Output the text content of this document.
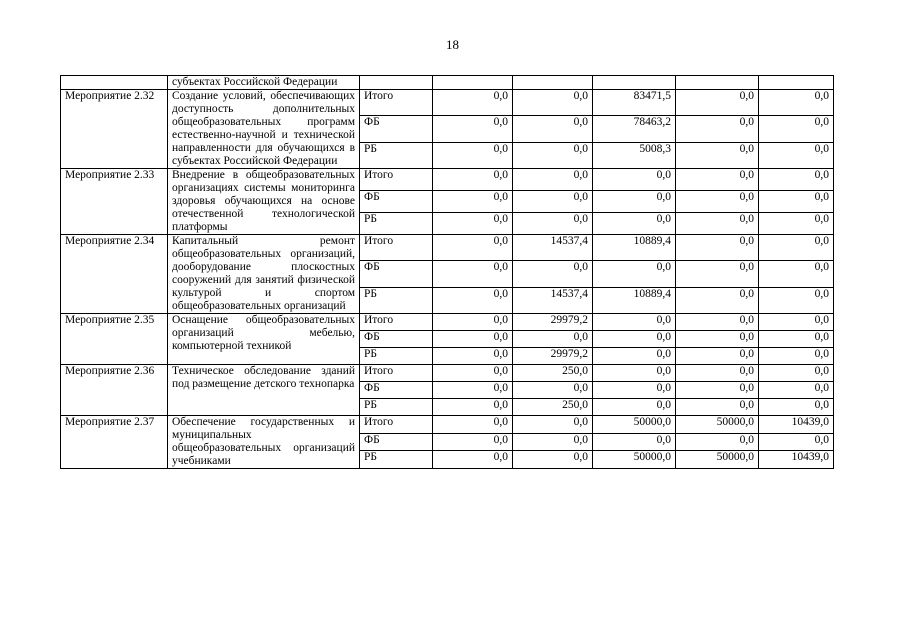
18
	субъектах Российской Федерации						
Мероприятие 2.32	Создание условий, обеспечивающих доступность дополнительных общеобразовательных программ естественно-научной и технической направленности для обучающихся в субъектах Российской Федерации	Итого	0,0	0,0	83471,5	0,0	0,0
		ФБ	0,0	0,0	78463,2	0,0	0,0
		РБ	0,0	0,0	5008,3	0,0	0,0
Мероприятие 2.33	Внедрение в общеобразовательных организациях системы мониторинга здоровья обучающихся на основе отечественной технологической платформы	Итого	0,0	0,0	0,0	0,0	0,0
		ФБ	0,0	0,0	0,0	0,0	0,0
		РБ	0,0	0,0	0,0	0,0	0,0
Мероприятие 2.34	Капитальный ремонт общеобразовательных организаций, дооборудование плоскостных сооружений для занятий физической культурой и спортом общеобразовательных организаций	Итого	0,0	14537,4	10889,4	0,0	0,0
		ФБ	0,0	0,0	0,0	0,0	0,0
		РБ	0,0	14537,4	10889,4	0,0	0,0
Мероприятие 2.35	Оснащение общеобразовательных организаций мебелью, компьютерной техникой	Итого	0,0	29979,2	0,0	0,0	0,0
		ФБ	0,0	0,0	0,0	0,0	0,0
		РБ	0,0	29979,2	0,0	0,0	0,0
Мероприятие 2.36	Техническое обследование зданий под размещение детского технопарка	Итого	0,0	250,0	0,0	0,0	0,0
		ФБ	0,0	0,0	0,0	0,0	0,0
		РБ	0,0	250,0	0,0	0,0	0,0
Мероприятие 2.37	Обеспечение государственных и муниципальных общеобразовательных организаций учебниками	Итого	0,0	0,0	50000,0	50000,0	10439,0
		ФБ	0,0	0,0	0,0	0,0	0,0
		РБ	0,0	0,0	50000,0	50000,0	10439,0
